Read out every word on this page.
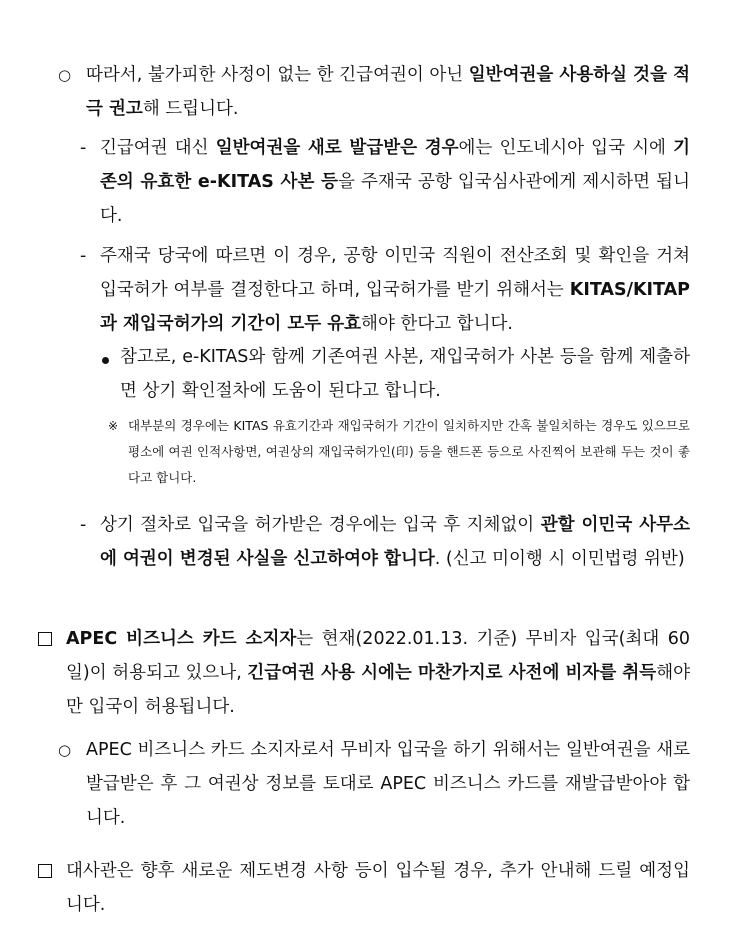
○ 따라서, 불가피한 사정이 없는 한 긴급여권이 아닌 일반여권을 사용하실 것을 적극 권고해 드립니다.
- 긴급여권 대신 일반여권을 새로 발급받은 경우에는 인도네시아 입국 시에 기존의 유효한 e-KITAS 사본 등을 주재국 공항 입국심사관에게 제시하면 됩니다.
- 주재국 당국에 따르면 이 경우, 공항 이민국 직원이 전산조회 및 확인을 거쳐 입국허가 여부를 결정한다고 하며, 입국허가를 받기 위해서는 KITAS/KITAP과 재입국허가의 기간이 모두 유효해야 한다고 합니다.
참고로, e-KITAS와 함께 기존여권 사본, 재입국허가 사본 등을 함께 제출하면 상기 확인절차에 도움이 된다고 합니다.
※ 대부분의 경우에는 KITAS 유효기간과 재입국허가 기간이 일치하지만 간혹 불일치하는 경우도 있으므로 평소에 여권 인적사항면, 여권상의 재입국허가인(印) 등을 핸드폰 등으로 사진찍어 보관해 두는 것이 좋다고 합니다.
- 상기 절차로 입국을 허가받은 경우에는 입국 후 지체없이 관할 이민국 사무소에 여권이 변경된 사실을 신고하여야 합니다. (신고 미이행 시 이민법령 위반)
APEC 비즈니스 카드 소지자는 현재(2022.01.13. 기준) 무비자 입국(최대 60일)이 허용되고 있으나, 긴급여권 사용 시에는 마찬가지로 사전에 비자를 취득해야만 입국이 허용됩니다.
○ APEC 비즈니스 카드 소지자로서 무비자 입국을 하기 위해서는 일반여권을 새로 발급받은 후 그 여권상 정보를 토대로 APEC 비즈니스 카드를 재발급받아야 합니다.
대사관은 향후 새로운 제도변경 사항 등이 입수될 경우, 추가 안내해 드릴 예정입니다.
